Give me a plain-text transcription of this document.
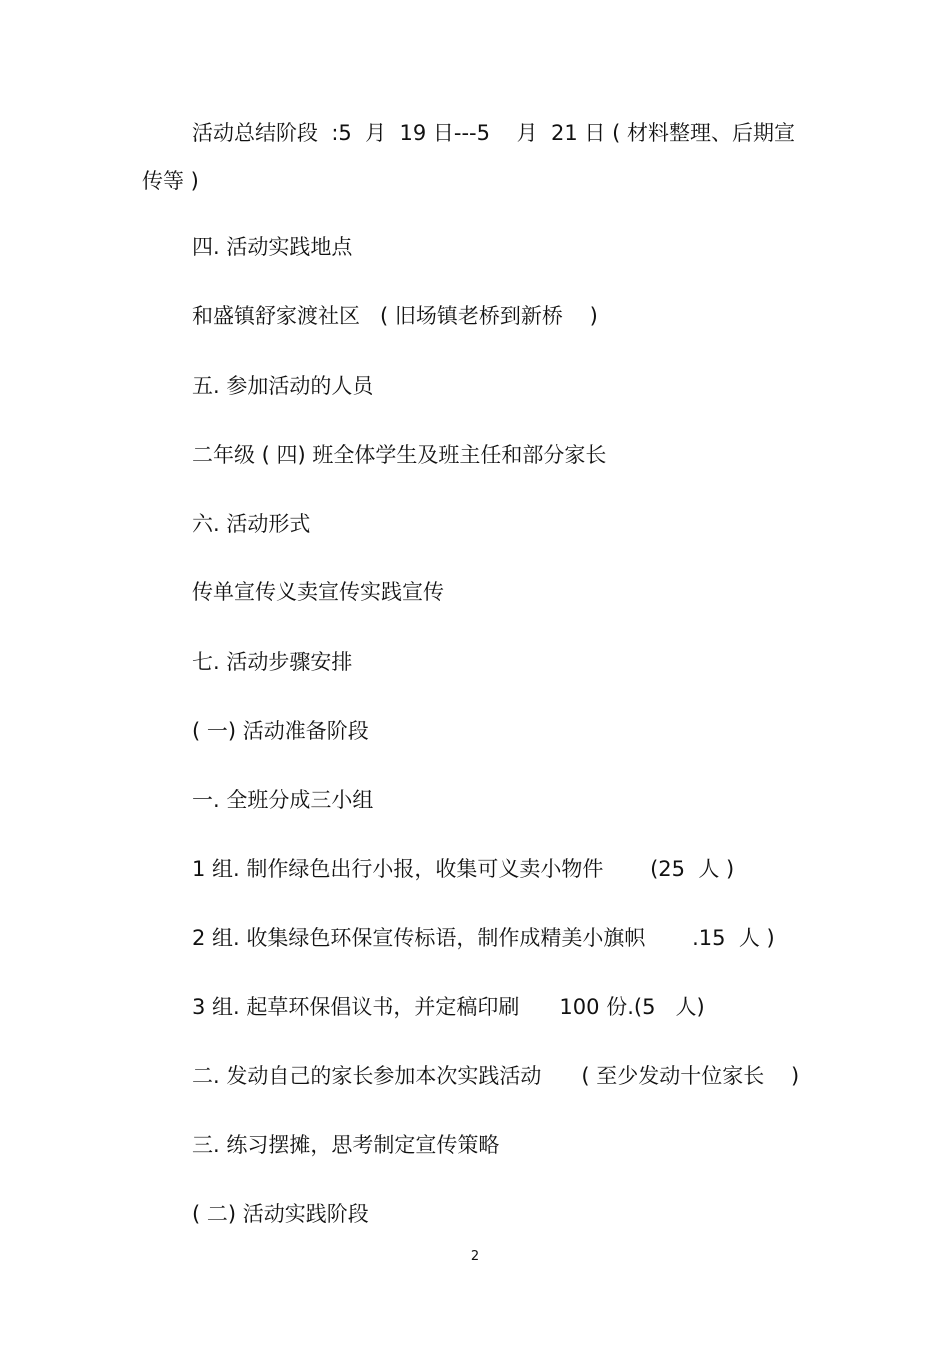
活动总结阶段  :5  月  19 日---5    月  21 日 ( 材料整理、后期宣
传等 )
四. 活动实践地点
和盛镇舒家渡社区   ( 旧场镇老桥到新桥    )
五. 参加活动的人员
二年级 ( 四) 班全体学生及班主任和部分家长
六. 活动形式
传单宣传义卖宣传实践宣传
七. 活动步骤安排
( 一) 活动准备阶段
一. 全班分成三小组
1 组. 制作绿色出行小报，收集可义卖小物件       (25  人 )
2 组. 收集绿色环保宣传标语，制作成精美小旗帜       .15  人 )
3 组. 起草环保倡议书，并定稿印刷      100 份.(5   人)
二. 发动自己的家长参加本次实践活动      ( 至少发动十位家长    )
三. 练习摆摊，思考制定宣传策略
( 二) 活动实践阶段
2
